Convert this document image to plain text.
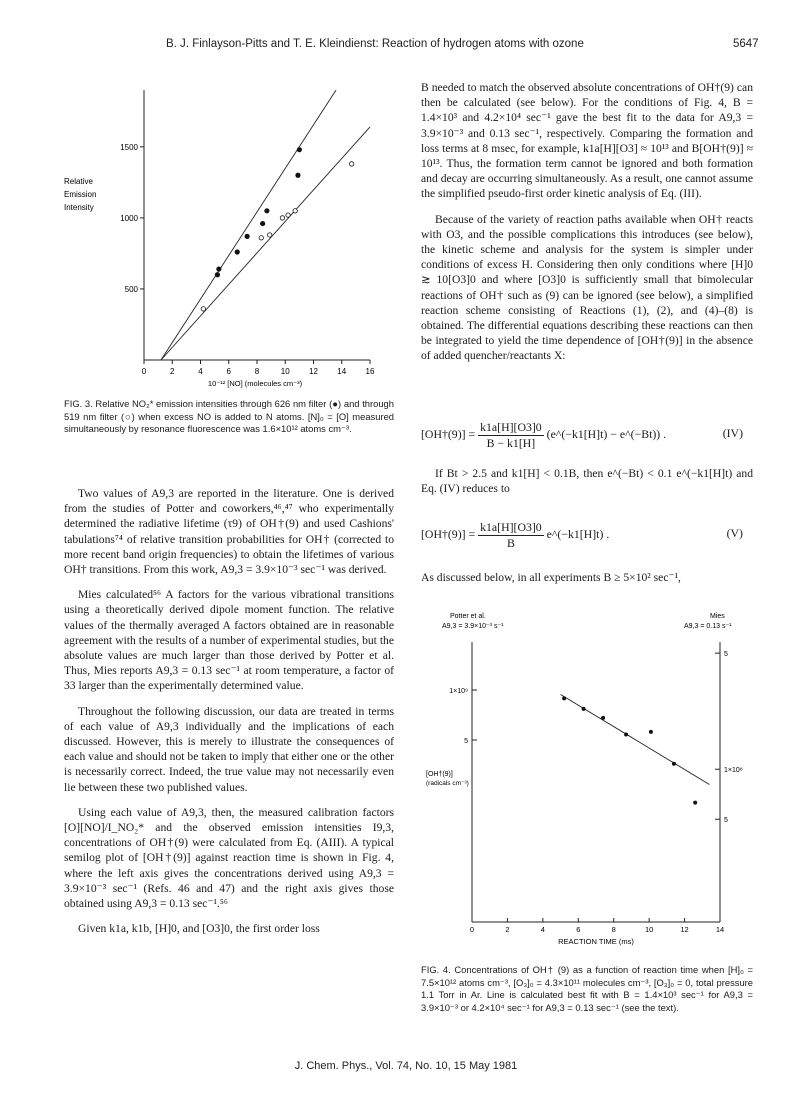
B. J. Finlayson-Pitts and T. E. Kleindienst: Reaction of hydrogen atoms with ozone	5647
0	2	4	6	8	10 12 14 16
500
1000
1500
Relative
Emission
Intensity
10⁻¹² [NO] (molecules cm⁻³)
FIG. 3. Relative NO₂* emission intensities through 626 nm filter (●) and through 519 nm filter (○) when excess NO is added to N atoms. [N]₀ = [O] measured simultaneously by resonance fluorescence was 1.6×10¹² atoms cm⁻³.

Two values of A9,3 are reported in the literature. One is derived from the studies of Potter and coworkers,⁴⁶,⁴⁷ who experimentally determined the radiative lifetime (τ9) of OH†(9) and used Cashions' tabulations⁷⁴ of relative transition probabilities for OH† (corrected to more recent band origin frequencies) to obtain the lifetimes of various OH† transitions. From this work, A9,3 = 3.9×10⁻³ sec⁻¹ was derived.

Mies calculated⁵⁶ A factors for the various vibrational transitions using a theoretically derived dipole moment function. The relative values of the thermally averaged A factors obtained are in reasonable agreement with the results of a number of experimental studies, but the absolute values are much larger than those derived by Potter et al. Thus, Mies reports A9,3 = 0.13 sec⁻¹ at room temperature, a factor of 33 larger than the experimentally determined value.

Throughout the following discussion, our data are treated in terms of each value of A9,3 individually and the implications of each discussed. However, this is merely to illustrate the consequences of each value and should not be taken to imply that either one or the other is necessarily correct. Indeed, the true value may not necessarily even lie between these two published values.

Using each value of A9,3, then, the measured calibration factors [O][NO]/I_NO₂* and the observed emission intensities I9,3, concentrations of OH†(9) were calculated from Eq. (AIII). A typical semilog plot of [OH†(9)] against reaction time is shown in Fig. 4, where the left axis gives the concentrations derived using A9,3 = 3.9×10⁻³ sec⁻¹ (Refs. 46 and 47) and the right axis gives those obtained using A9,3 = 0.13 sec⁻¹.⁵⁶

Given k1a, k1b, [H]0, and [O3]0, the first order loss

B needed to match the observed absolute concentrations of OH†(9) can then be calculated (see below). For the conditions of Fig. 4, B = 1.4×10³ and 4.2×10⁴ sec⁻¹ gave the best fit to the data for A9,3 = 3.9×10⁻³ and 0.13 sec⁻¹, respectively. Comparing the formation and loss terms at 8 msec, for example, k1a[H][O3] ≈ 10¹³ and B[OH†(9)] ≈ 10¹³. Thus, the formation term cannot be ignored and both formation and decay are occurring simultaneously. As a result, one cannot assume the simplified pseudo-first order kinetic analysis of Eq. (III).

Because of the variety of reaction paths available when OH† reacts with O3, and the possible complications this introduces (see below), the kinetic scheme and analysis for the system is simpler under conditions of excess H. Considering then only conditions where [H]0 ≳ 10[O3]0 and where [O3]0 is sufficiently small that bimolecular reactions of OH† such as (9) can be ignored (see below), a simplified reaction scheme consisting of Reactions (1), (2), and (4)–(8) is obtained. The differential equations describing these reactions can then be integrated to yield the time dependence of [OH†(9)] in the absence of added quencher/reactants X:

[OH†(9)] = $\frac{k1a[H][O3]0}{B - k1[H]}$ (e^(−k1[H]t) − e^(−Bt)) .	(IV)

If Bt > 2.5 and k1[H] < 0.1B, then e^(−Bt) < 0.1 e^(−k1[H]t) and Eq. (IV) reduces to

[OH†(9)] = $\frac{k1a[H][O3]0}{B}$ e^(−k1[H]t) .	(V)

As discussed below, in all experiments B ≥ 5×10² sec⁻¹,

0	2	4	6	8	10	12	14
1×10⁹
5
5
1×10⁸
5
Potter et al.
A9,3 = 3.9×10⁻³ s⁻¹
Mies
A9,3 = 0.13 s⁻¹
[OH†(9)]
(radicals cm⁻³)
REACTION TIME (ms)
FIG. 4. Concentrations of OH† (9) as a function of reaction time when [H]₀ = 7.5×10¹² atoms cm⁻³, [O₃]₀ = 4.3×10¹¹ molecules cm⁻³, [O₃]₀ = 0, total pressure 1.1 Torr in Ar. Line is calculated best fit with B = 1.4×10³ sec⁻¹ for A9,3 = 3.9×10⁻³ or 4.2×10⁴ sec⁻¹ for A9,3 = 0.13 sec⁻¹ (see the text).
J. Chem. Phys., Vol. 74, No. 10, 15 May 1981
